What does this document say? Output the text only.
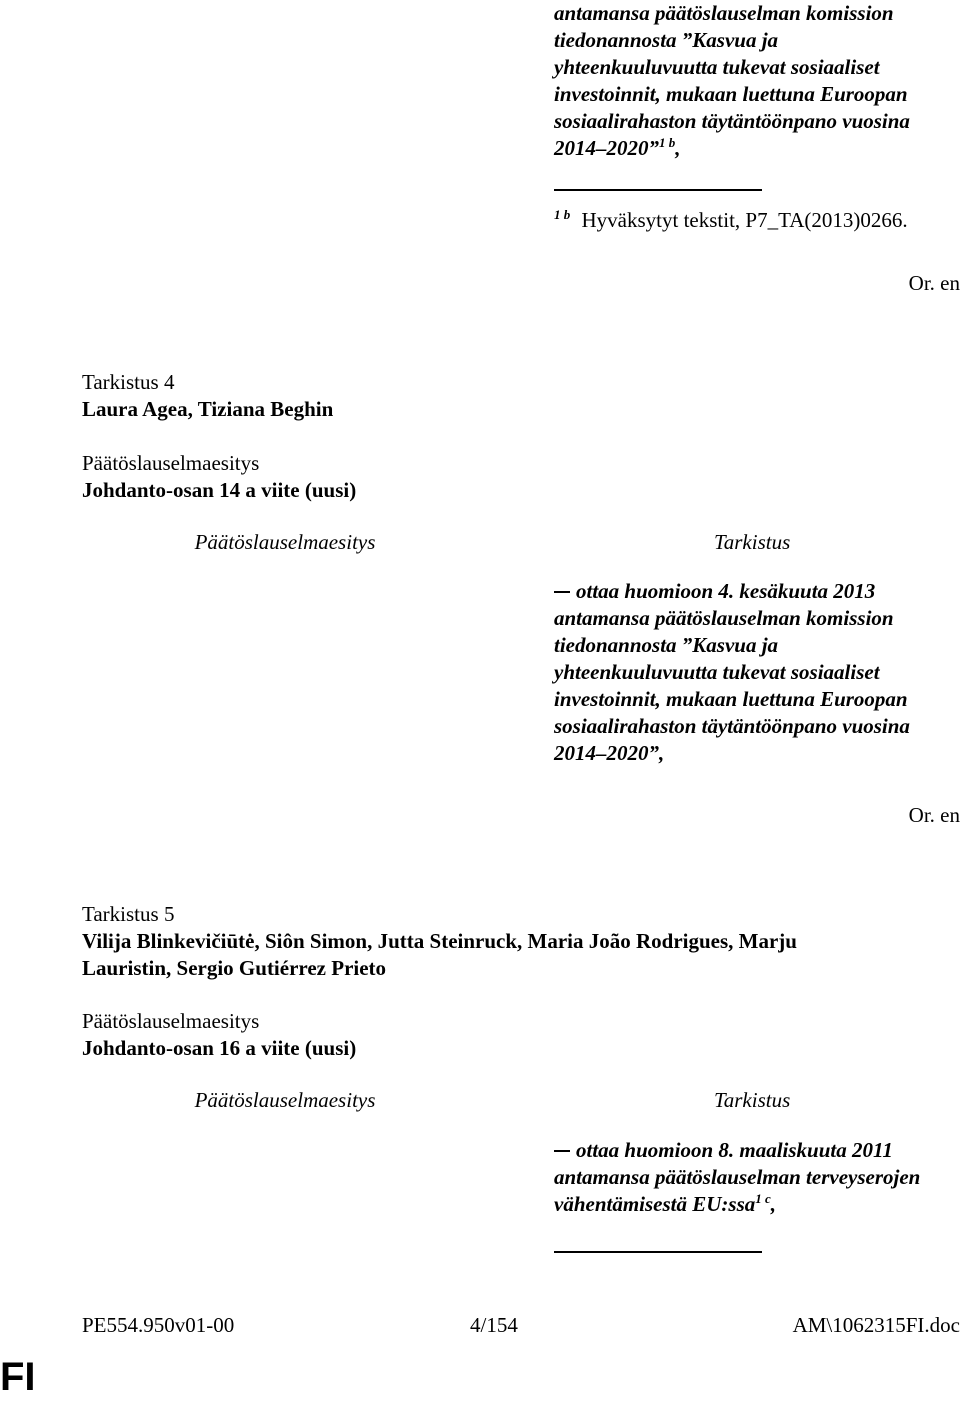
antamansa päätöslauselman komission
tiedonannosta ”Kasvua ja
yhteenkuuluvuutta tukevat sosiaaliset
investoinnit, mukaan luettuna Euroopan
sosiaalirahaston täytäntöönpano vuosina
2014–2020”$^{1 b}$,
$^{1 b}$ Hyväksytyt tekstit, P7_TA(2013)0266.
Or. en
Tarkistus 4
Laura Agea, Tiziana Beghin
Päätöslauselmaesitys
Johdanto-osan 14 a viite (uusi)
Päätöslauselmaesitys	Tarkistus
ottaa huomioon 4. kesäkuuta 2013
antamansa päätöslauselman komission
tiedonannosta ”Kasvua ja
yhteenkuuluvuutta tukevat sosiaaliset
investoinnit, mukaan luettuna Euroopan
sosiaalirahaston täytäntöönpano vuosina
2014–2020”,
Or. en
Tarkistus 5
Vilija Blinkevičiūtė, Siôn Simon, Jutta Steinruck, Maria João Rodrigues, Marju
Lauristin, Sergio Gutiérrez Prieto
Päätöslauselmaesitys
Johdanto-osan 16 a viite (uusi)
Päätöslauselmaesitys	Tarkistus
ottaa huomioon 8. maaliskuuta 2011
antamansa päätöslauselman terveyserojen
vähentämisestä EU:ssa$^{1 c}$,
PE554.950v01-00	4/154	AM\1062315FI.doc
FI
